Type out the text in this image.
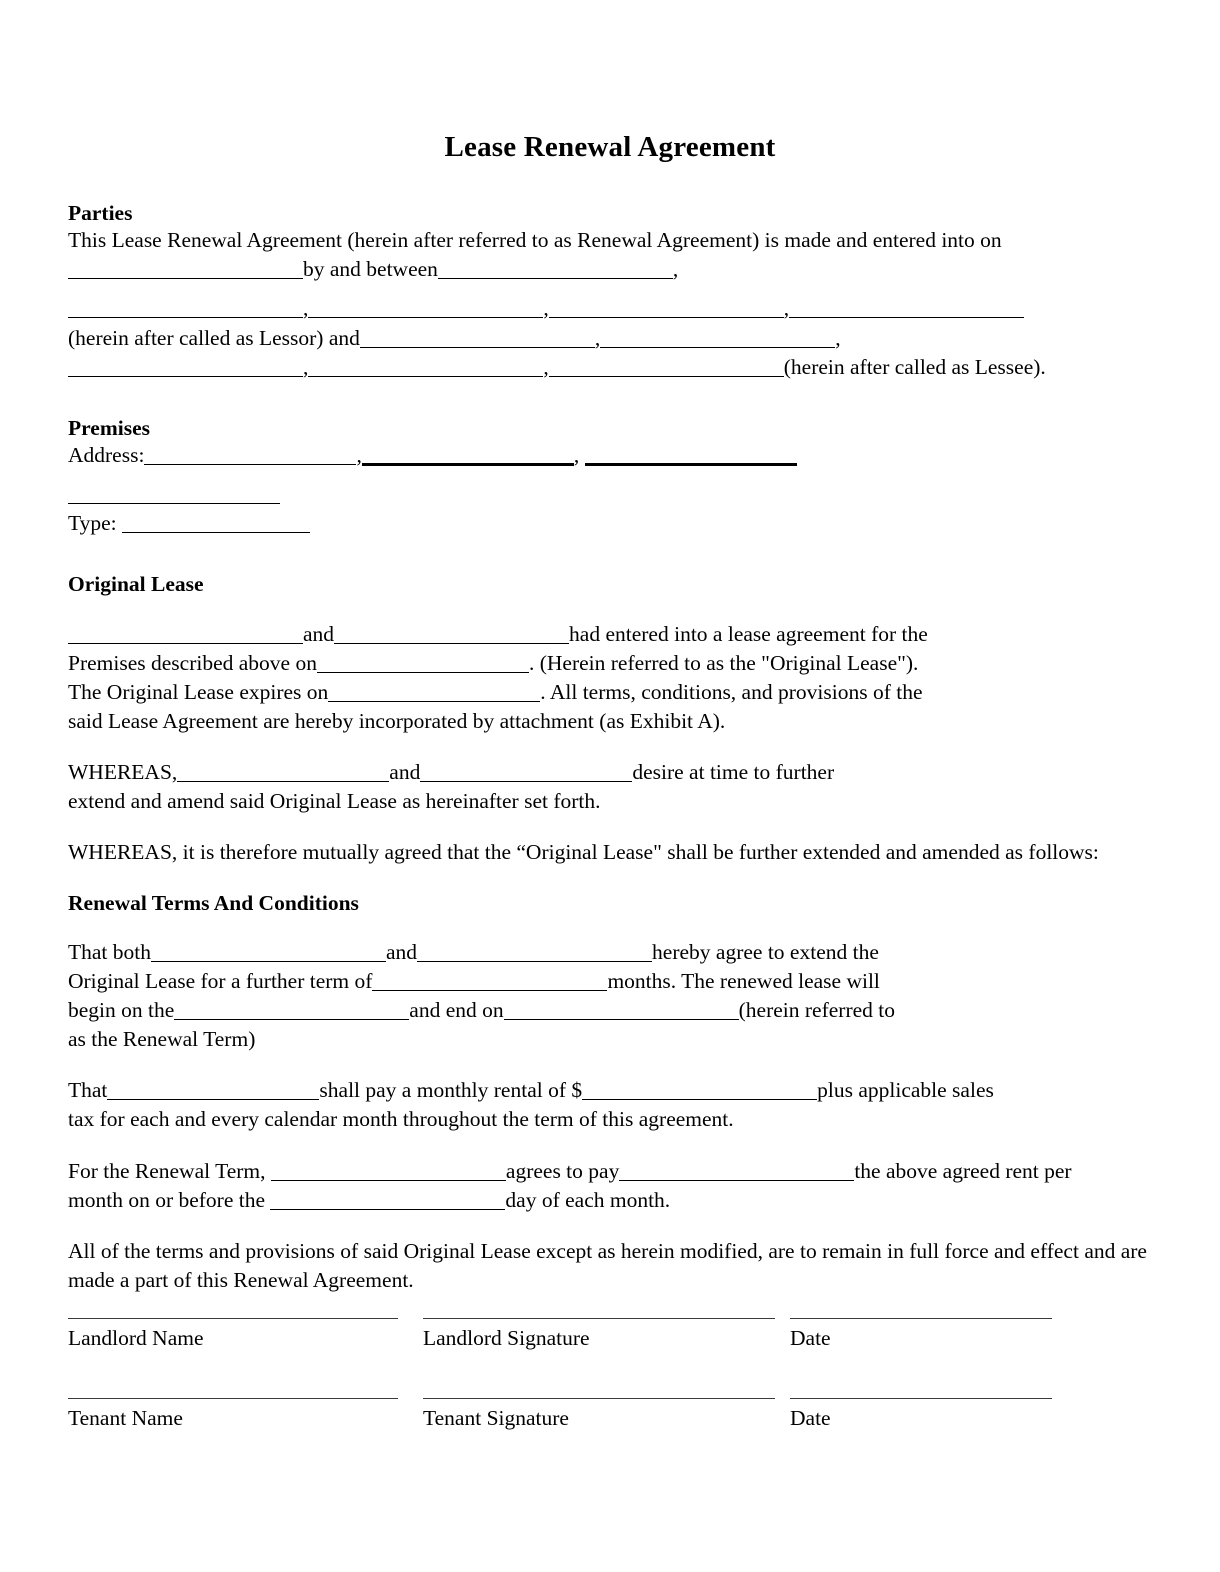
Lease Renewal Agreement
Parties

This Lease Renewal Agreement (herein after referred to as Renewal Agreement) is made and entered into on

by and between	,

,	,	,

(herein after called as Lessor) and	,	,

,	,	(herein after called as Lessee).

Premises

Address:	,	,

Type:

Original Lease

and	had entered into a lease agreement for the
Premises described above on	. (Herein referred to as the "Original Lease").
The Original Lease expires on	. All terms, conditions, and provisions of the
said Lease Agreement are hereby incorporated by attachment (as Exhibit A).

WHEREAS,	and	desire at time to further
extend and amend said Original Lease as hereinafter set forth.

WHEREAS, it is therefore mutually agreed that the “Original Lease" shall be further extended and amended as follows:

Renewal Terms And Conditions

That both	and	hereby agree to extend the
Original Lease for a further term of	months. The renewed lease will
begin on the	and end on	(herein referred to
as the Renewal Term)

That	shall pay a monthly rental of $	plus applicable sales
tax for each and every calendar month throughout the term of this agreement.

For the Renewal Term,	agrees to pay	the above agreed rent per
month on or before the	day of each month.

All of the terms and provisions of said Original Lease except as herein modified, are to remain in full force and effect and are made a part of this Renewal Agreement.

Landlord Name	Landlord Signature	Date
Tenant Name	Tenant Signature	Date
